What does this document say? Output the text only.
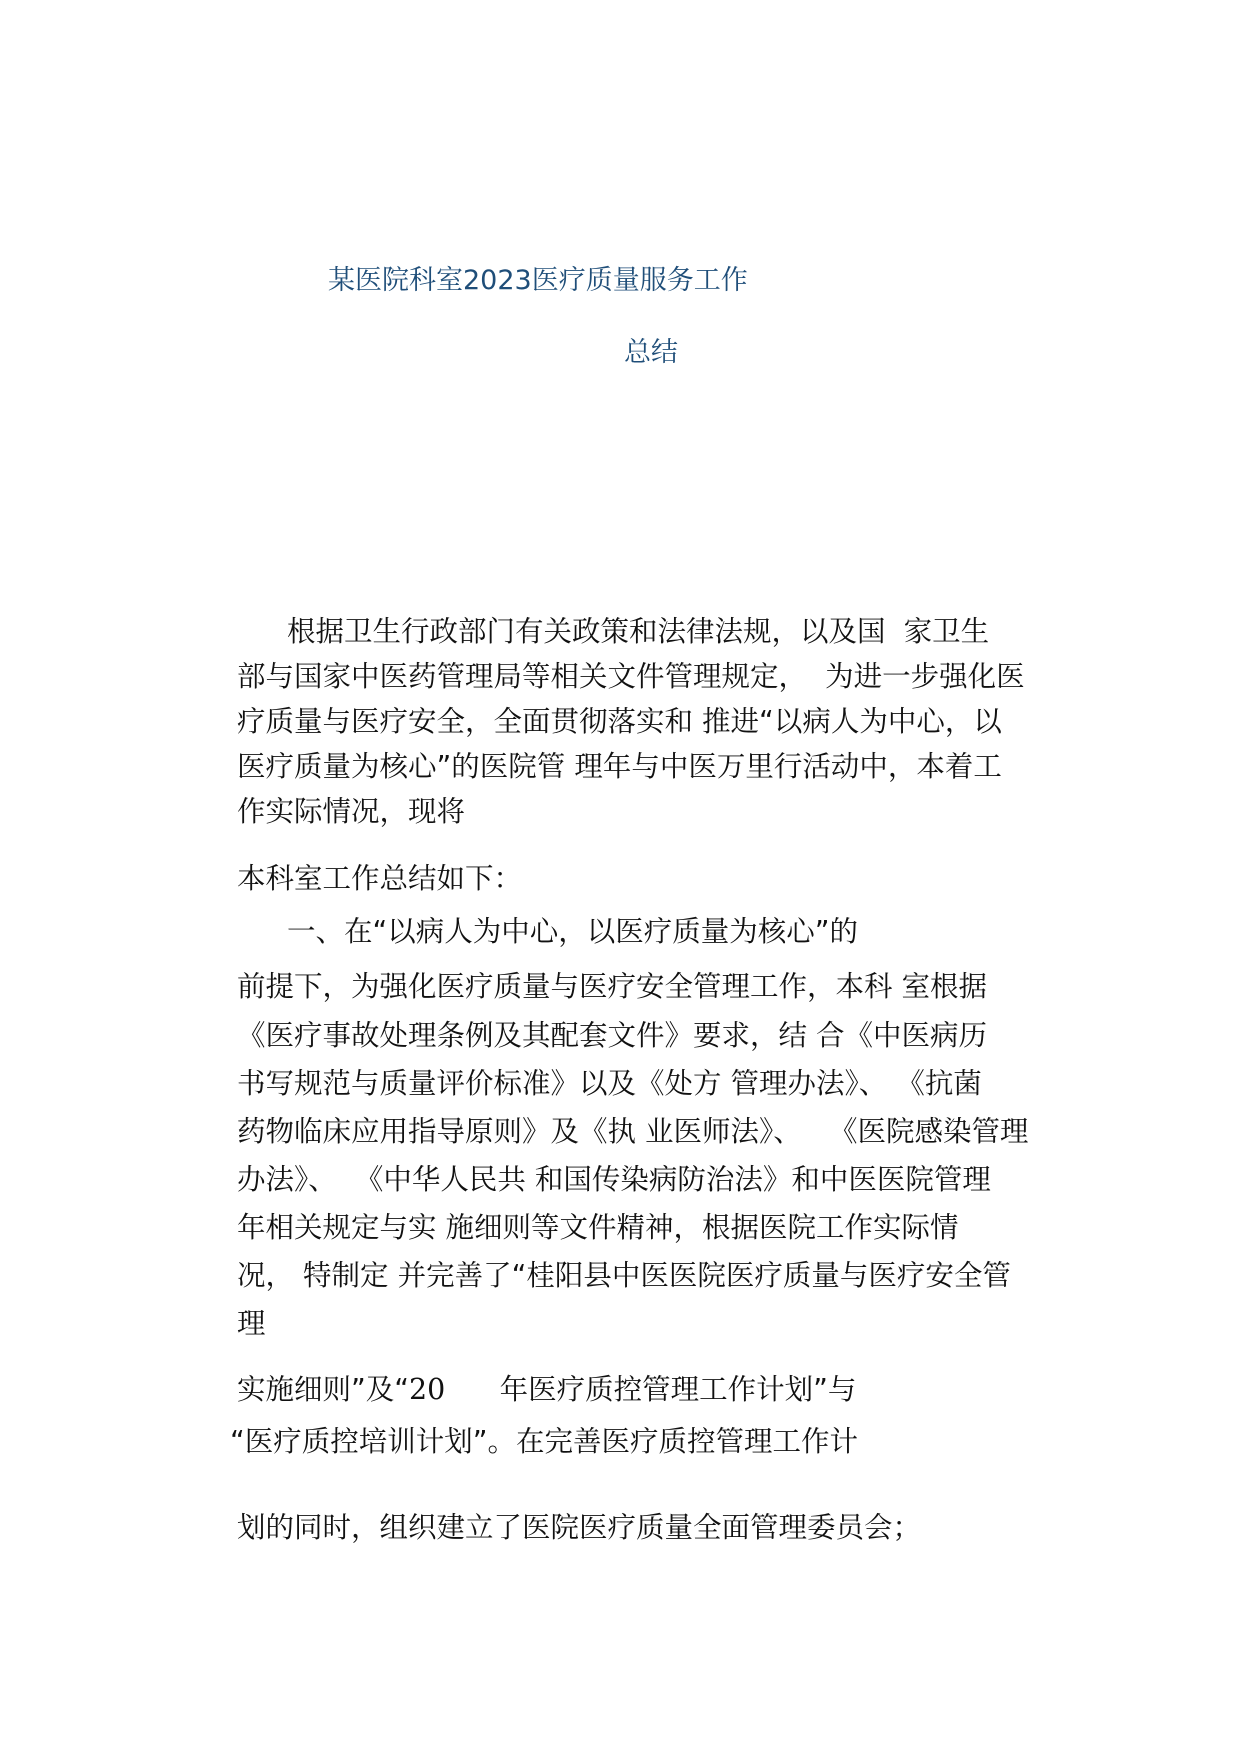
某医院科室2023医疗质量服务工作
总结

根据卫生行政部门有关政策和法律法规，以及国  家卫生

部与国家中医药管理局等相关文件管理规定，  为进一步强化医

疗质量与医疗安全，全面贯彻落实和 推进“以病人为中心，以

医疗质量为核心”的医院管 理年与中医万里行活动中，本着工

作实际情况，现将

本科室工作总结如下：

一、在“以病人为中心，以医疗质量为核心”的

前提下，为强化医疗质量与医疗安全管理工作，本科 室根据

《医疗事故处理条例及其配套文件》要求，结 合《中医病历

书写规范与质量评价标准》以及《处方 管理办法》、 《抗菌

药物临床应用指导原则》及《执 业医师法》、   《医院感染管理

办法》、  《中华人民共 和国传染病防治法》和中医医院管理

年相关规定与实 施细则等文件精神，根据医院工作实际情

况， 特制定 并完善了“桂阳县中医医院医疗质量与医疗安全管

理

实施细则”及“20 年医疗质控管理工作计划”与

“医疗质控培训计划”。在完善医疗质控管理工作计

划的同时，组织建立了医院医疗质量全面管理委员会；
